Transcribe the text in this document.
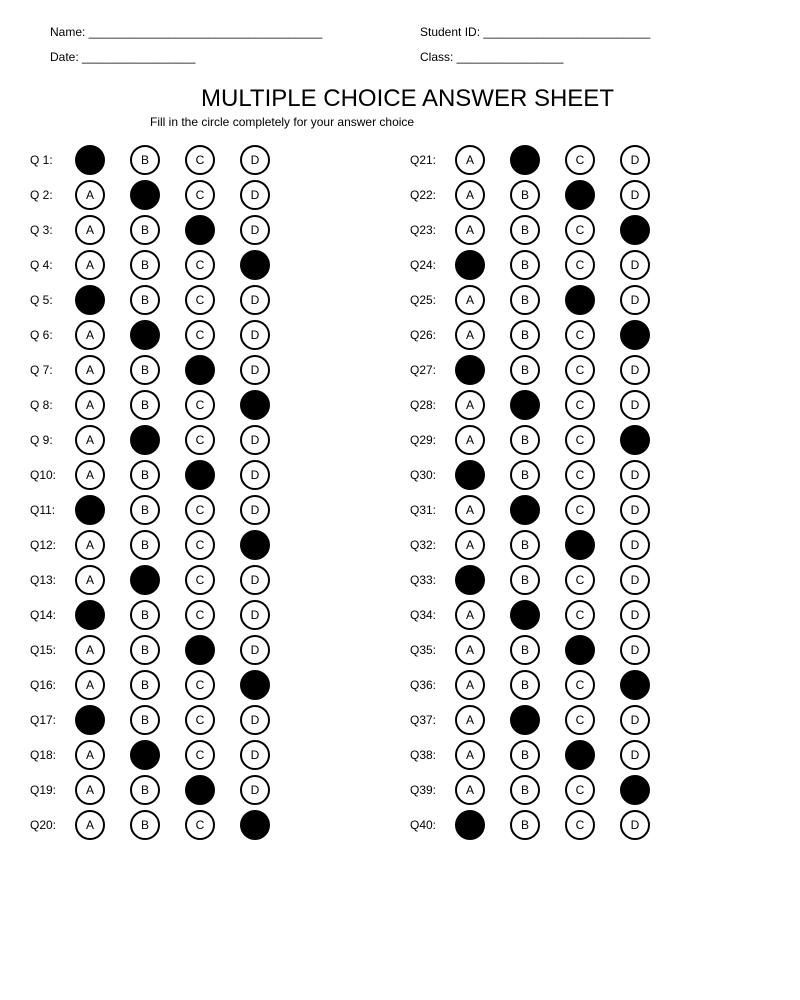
Name: ___________________________________	Student ID: _________________________
Date: _________________	Class: ________________
MULTIPLE CHOICE ANSWER SHEET
Fill in the circle completely for your answer choice
Q 1:	A	B	C	D
Q 2:	A	B	C	D
Q 3:	A	B	C	D
Q 4:	A	B	C	D
Q 5:	A	B	C	D
Q 6:	A	B	C	D
Q 7:	A	B	C	D
Q 8:	A	B	C	D
Q 9:	A	B	C	D
Q10:	A	B	C	D
Q11:	A	B	C	D
Q12:	A	B	C	D
Q13:	A	B	C	D
Q14:	A	B	C	D
Q15:	A	B	C	D
Q16:	A	B	C	D
Q17:	A	B	C	D
Q18:	A	B	C	D
Q19:	A	B	C	D
Q20:	A	B	C	D
Q21:	A	B	C	D
Q22:	A	B	C	D
Q23:	A	B	C	D
Q24:	A	B	C	D
Q25:	A	B	C	D
Q26:	A	B	C	D
Q27:	A	B	C	D
Q28:	A	B	C	D
Q29:	A	B	C	D
Q30:	A	B	C	D
Q31:	A	B	C	D
Q32:	A	B	C	D
Q33:	A	B	C	D
Q34:	A	B	C	D
Q35:	A	B	C	D
Q36:	A	B	C	D
Q37:	A	B	C	D
Q38:	A	B	C	D
Q39:	A	B	C	D
Q40:	A	B	C	D
